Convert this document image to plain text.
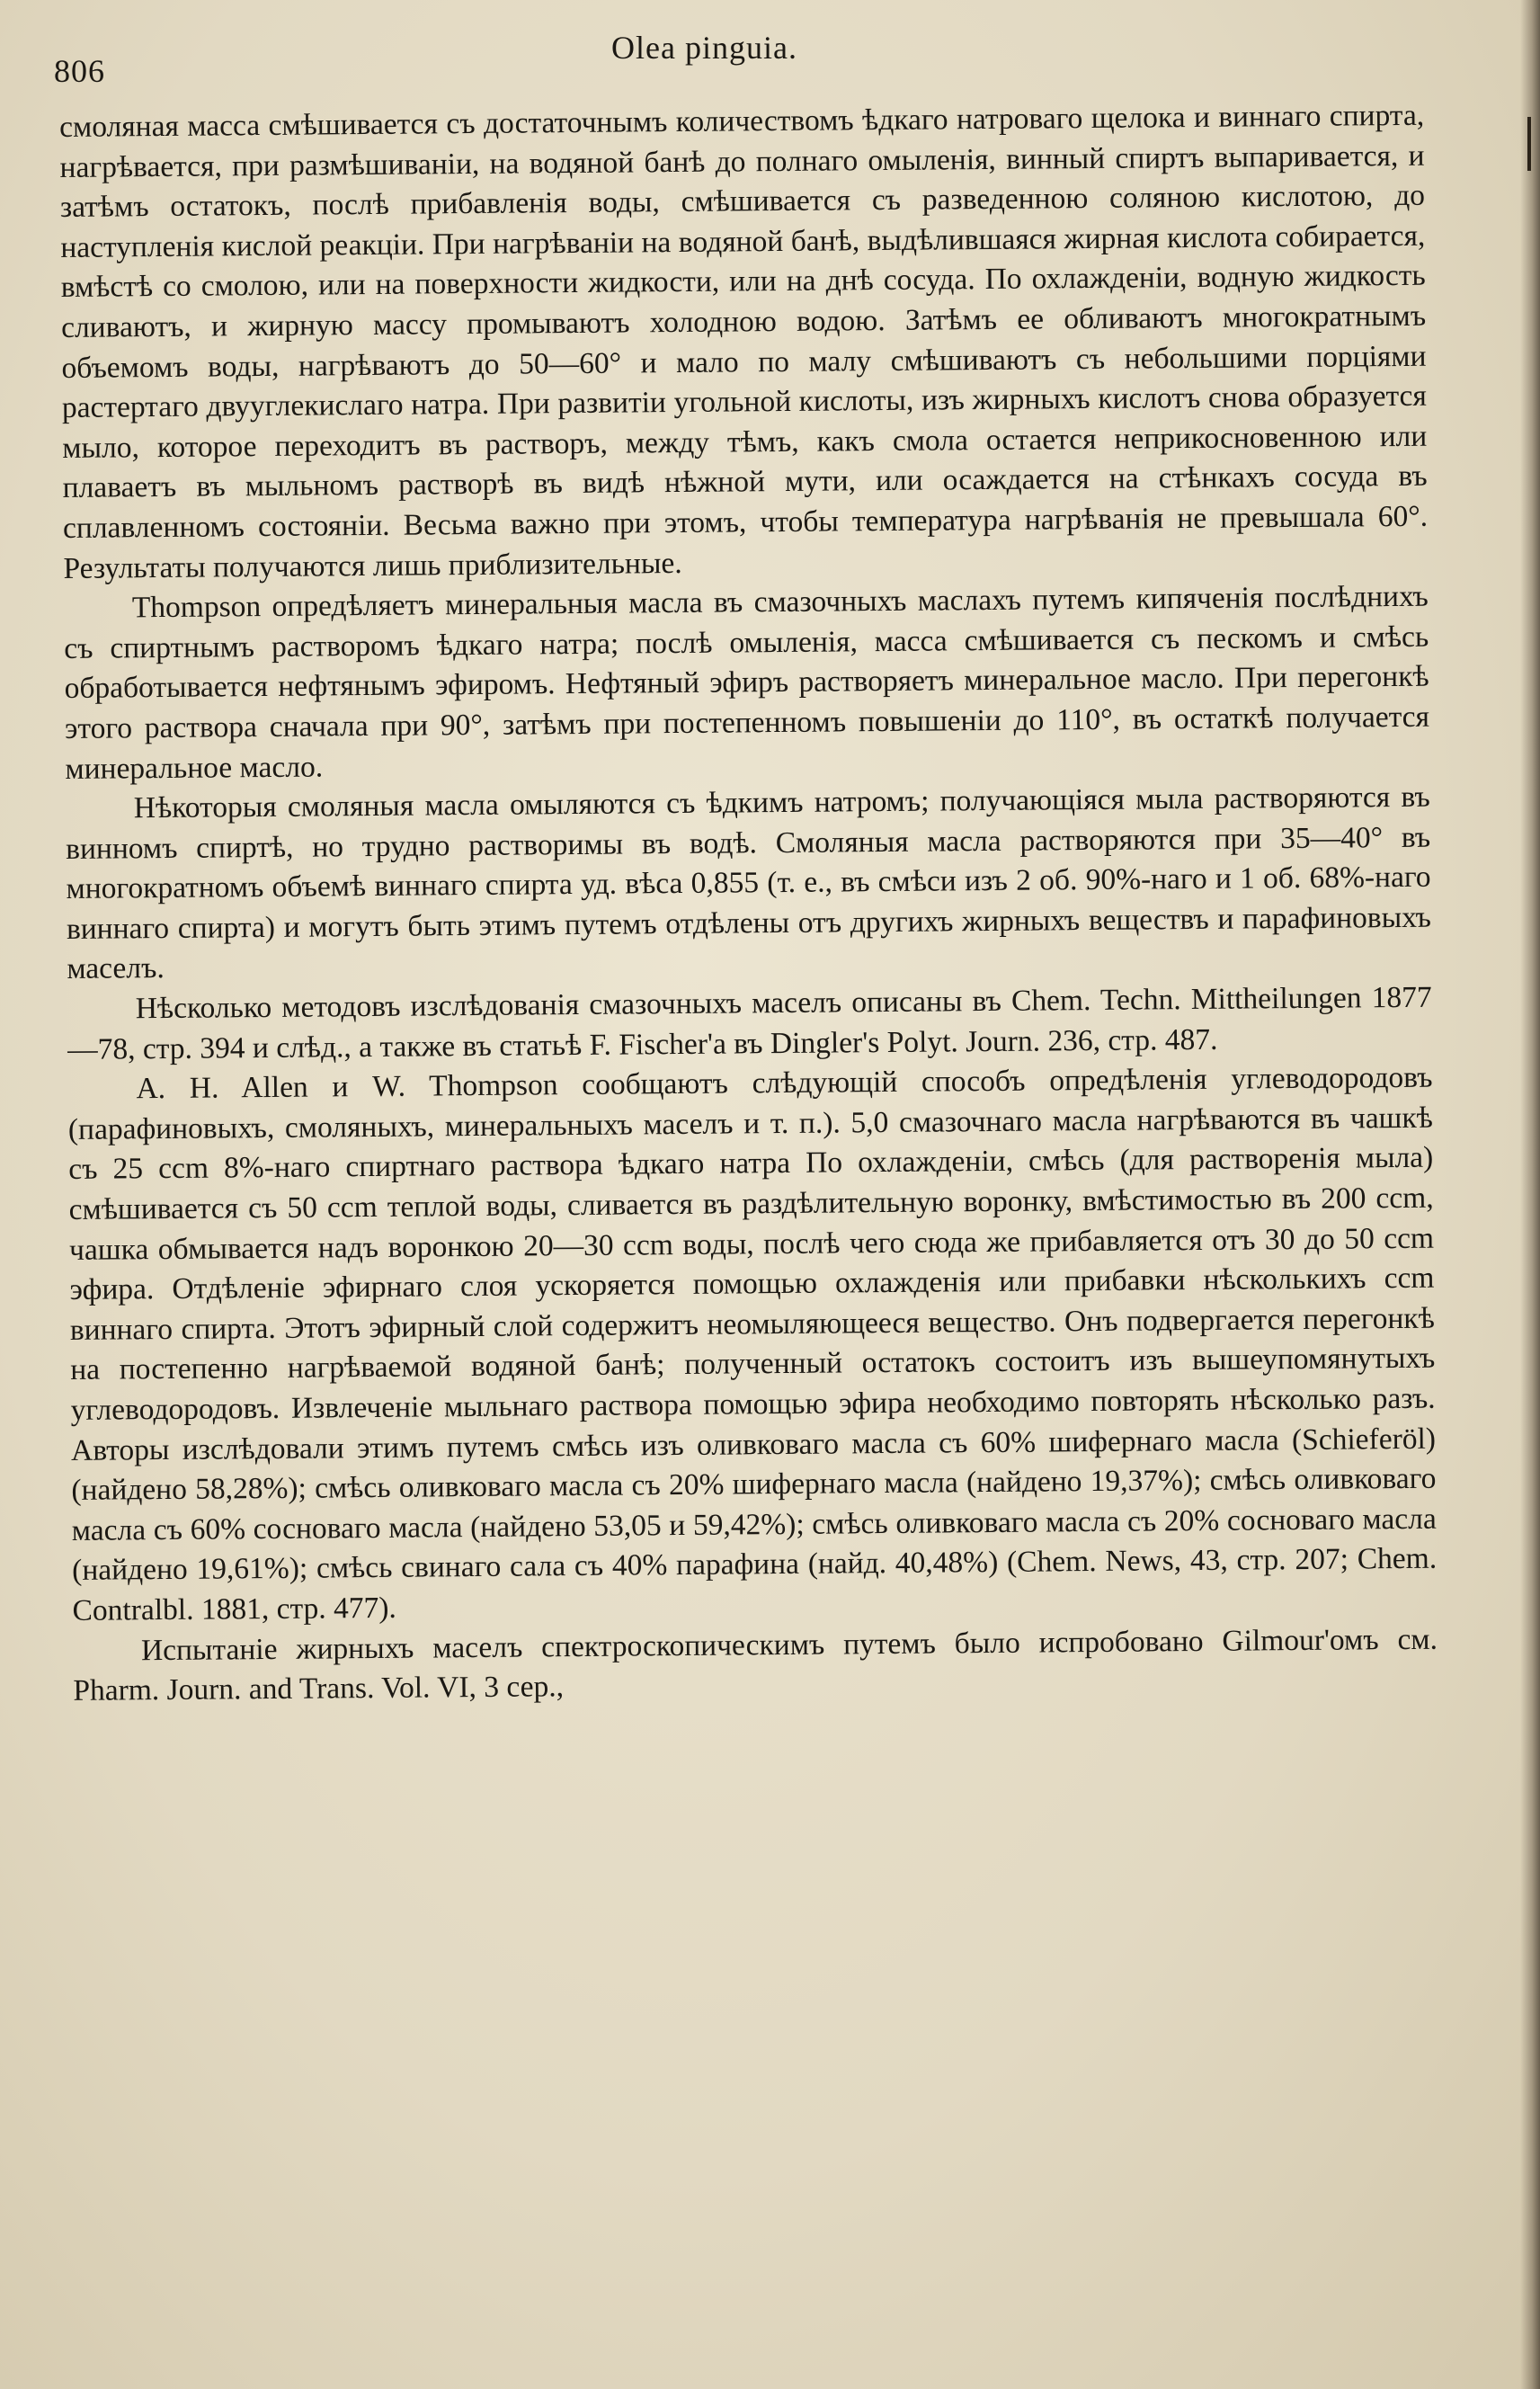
806
Olea pinguia.

смоляная масса смѣшивается съ достаточнымъ количествомъ ѣдкаго натроваго щелока и виннаго спирта, нагрѣвается, при размѣшиваніи, на водяной банѣ до полнаго омыленія, винный спиртъ выпаривается, и затѣмъ остатокъ, послѣ прибавленія воды, смѣшивается съ разведенною соляною кислотою, до наступленія кислой реакціи. При нагрѣваніи на водяной банѣ, выдѣлившаяся жирная кислота собирается, вмѣстѣ со смолою, или на поверхности жидкости, или на днѣ сосуда. По охлажденіи, водную жидкость сливаютъ, и жирную массу промываютъ холодною водою. Затѣмъ ее обливаютъ многократнымъ объемомъ воды, нагрѣваютъ до 50—60° и мало по малу смѣшиваютъ съ небольшими порціями растертаго двууглекислаго натра. При развитіи угольной кислоты, изъ жирныхъ кислотъ снова образуется мыло, которое переходитъ въ растворъ, между тѣмъ, какъ смола остается неприкосновенною или плаваетъ въ мыльномъ растворѣ въ видѣ нѣжной мути, или осаждается на стѣнкахъ сосуда въ сплавленномъ состояніи. Весьма важно при этомъ, чтобы температура нагрѣванія не превышала 60°. Результаты получаются лишь приблизительные.

Thompson опредѣляетъ минеральныя масла въ смазочныхъ маслахъ путемъ кипяченія послѣднихъ съ спиртнымъ растворомъ ѣдкаго натра; послѣ омыленія, масса смѣшивается съ пескомъ и смѣсь обработывается нефтянымъ эфиромъ. Нефтяный эфиръ растворяетъ минеральное масло. При перегонкѣ этого раствора сначала при 90°, затѣмъ при постепенномъ повышеніи до 110°, въ остаткѣ получается минеральное масло.

Нѣкоторыя смоляныя масла омыляются съ ѣдкимъ натромъ; получающіяся мыла растворяются въ винномъ спиртѣ, но трудно растворимы въ водѣ. Смоляныя масла растворяются при 35—40° въ многократномъ объемѣ виннаго спирта уд. вѣса 0,855 (т. е., въ смѣси изъ 2 об. 90%-наго и 1 об. 68%-наго виннаго спирта) и могутъ быть этимъ путемъ отдѣлены отъ другихъ жирныхъ веществъ и парафиновыхъ маселъ.

Нѣсколько методовъ изслѣдованія смазочныхъ маселъ описаны въ Chem. Techn. Mittheilungen 1877—78, стр. 394 и слѣд., а также въ статьѣ F. Fischer'а въ Dingler's Polyt. Journ. 236, стр. 487.

A. H. Allen и W. Thompson сообщаютъ слѣдующій способъ опредѣленія углеводородовъ (парафиновыхъ, смоляныхъ, минеральныхъ маселъ и т. п.). 5,0 смазочнаго масла нагрѣваются въ чашкѣ съ 25 ccm 8%-наго спиртнаго раствора ѣдкаго натра По охлажденіи, смѣсь (для растворенія мыла) смѣшивается съ 50 ccm теплой воды, сливается въ раздѣлительную воронку, вмѣстимостью въ 200 ccm, чашка обмывается надъ воронкою 20—30 ccm воды, послѣ чего сюда же прибавляется отъ 30 до 50 ccm эфира. Отдѣленіе эфирнаго слоя ускоряется помощью охлажденія или прибавки нѣсколькихъ ccm виннаго спирта. Этотъ эфирный слой содержитъ неомыляющееся вещество. Онъ подвергается перегонкѣ на постепенно нагрѣваемой водяной банѣ; полученный остатокъ состоитъ изъ вышеупомянутыхъ углеводородовъ. Извлеченіе мыльнаго раствора помощью эфира необходимо повторять нѣсколько разъ. Авторы изслѣдовали этимъ путемъ смѣсь изъ оливковаго масла съ 60% шифернаго масла (Schieferöl) (найдено 58,28%); смѣсь оливковаго масла съ 20% шифернаго масла (найдено 19,37%); смѣсь оливковаго масла съ 60% сосноваго масла (найдено 53,05 и 59,42%); смѣсь оливковаго масла съ 20% сосноваго масла (найдено 19,61%); смѣсь свинаго сала съ 40% парафина (найд. 40,48%) (Chem. News, 43, стр. 207; Chem. Contralbl. 1881, стр. 477).

Испытаніе жирныхъ маселъ спектроскопическимъ путемъ было испробовано Gilmour'омъ см. Pharm. Journ. and Trans. Vol. VI, 3 сер.,
